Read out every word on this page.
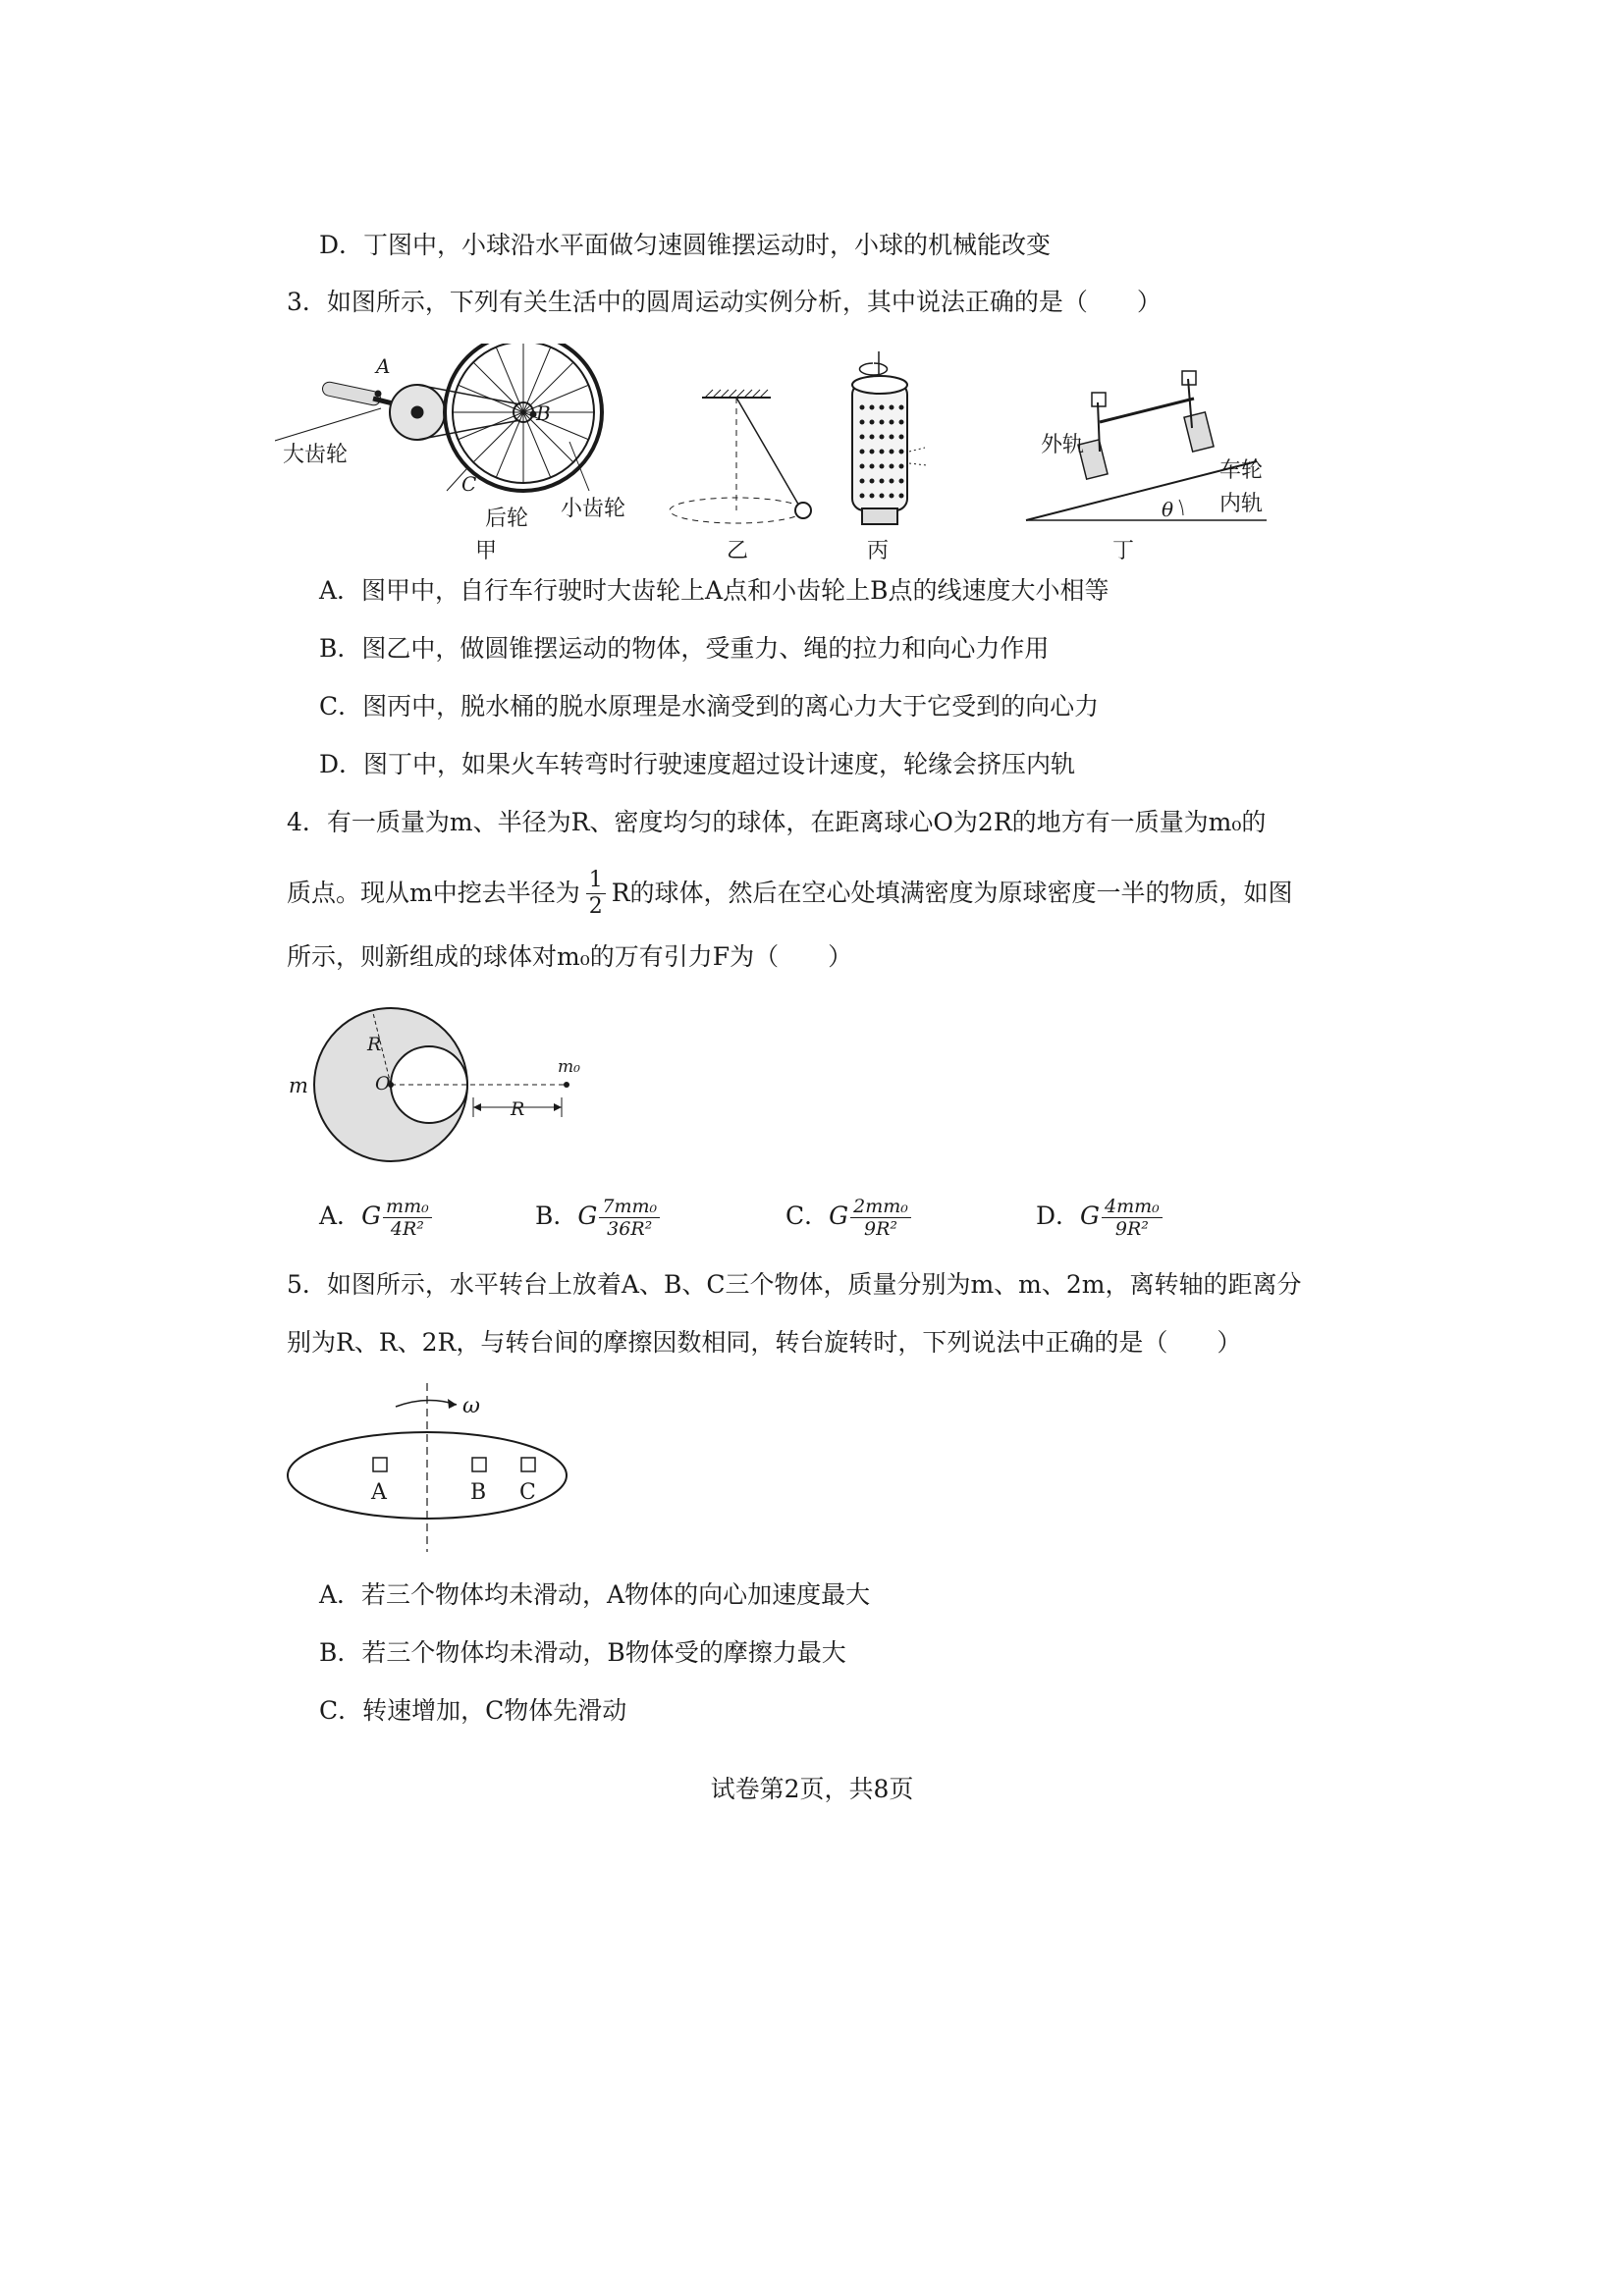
D．丁图中，小球沿水平面做匀速圆锥摆运动时，小球的机械能改变
3．如图所示，下列有关生活中的圆周运动实例分析，其中说法正确的是（　　）
A
B
C
大齿轮
小齿轮
后轮
甲	乙	丙
外轨
车轮
内轨
θ
丁
A．图甲中，自行车行驶时大齿轮上A点和小齿轮上B点的线速度大小相等
B．图乙中，做圆锥摆运动的物体，受重力、绳的拉力和向心力作用
C．图丙中，脱水桶的脱水原理是水滴受到的离心力大于它受到的向心力
D．图丁中，如果火车转弯时行驶速度超过设计速度，轮缘会挤压内轨
4．有一质量为m、半径为R、密度均匀的球体，在距离球心O为2R的地方有一质量为m₀的
质点。现从m中挖去半径为 $\frac{1}{2}$ R的球体，然后在空心处填满密度为原球密度一半的物质，如图
所示，则新组成的球体对m₀的万有引力F为（　　）
m
R
O
m₀
R
A．G $\frac{\text{mm₀}}{\text{4R²}}$	B．G $\frac{\text{7mm₀}}{\text{36R²}}$	C．G $\frac{\text{2mm₀}}{\text{9R²}}$	D．G $\frac{\text{4mm₀}}{\text{9R²}}$
5．如图所示，水平转台上放着A、B、C三个物体，质量分别为m、m、2m，离转轴的距离分
别为R、R、2R，与转台间的摩擦因数相同，转台旋转时，下列说法中正确的是（　　）
ω
A	B C
A．若三个物体均未滑动，A物体的向心加速度最大
B．若三个物体均未滑动，B物体受的摩擦力最大
C．转速增加，C物体先滑动
试卷第2页，共8页
